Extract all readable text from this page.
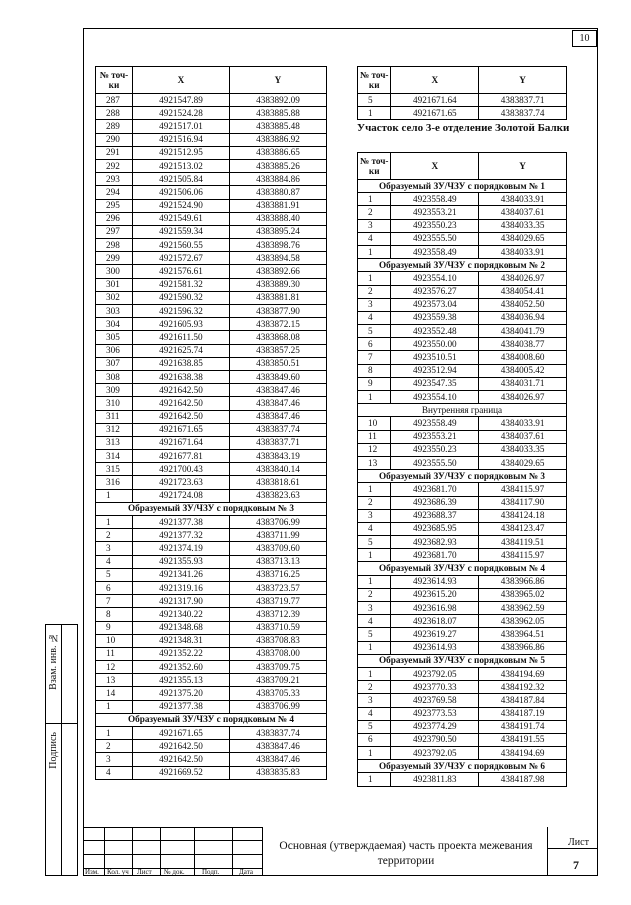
10
№ точ-ки	X	Y
287	4921547.89	4383892.09
288	4921524.28	4383885.88
289	4921517.01	4383885.48
290	4921516.94	4383886.92
291	4921512.95	4383886.65
292	4921513.02	4383885.26
293	4921505.84	4383884.86
294	4921506.06	4383880.87
295	4921524.90	4383881.91
296	4921549.61	4383888.40
297	4921559.34	4383895.24
298	4921560.55	4383898.76
299	4921572.67	4383894.58
300	4921576.61	4383892.66
301	4921581.32	4383889.30
302	4921590.32	4383881.81
303	4921596.32	4383877.90
304	4921605.93	4383872.15
305	4921611.50	4383868.08
306	4921625.74	4383857.25
307	4921638.85	4383850.51
308	4921638.38	4383849.60
309	4921642.50	4383847.46
310	4921642.50	4383847.46
311	4921642.50	4383847.46
312	4921671.65	4383837.74
313	4921671.64	4383837.71
314	4921677.81	4383843.19
315	4921700.43	4383840.14
316	4921723.63	4383818.61
1	4921724.08	4383823.63
Образуемый ЗУ/ЧЗУ с порядковым № 3		
1	4921377.38	4383706.99
2	4921377.32	4383711.99
3	4921374.19	4383709.60
4	4921355.93	4383713.13
5	4921341.26	4383716.25
6	4921319.16	4383723.57
7	4921317.90	4383719.77
8	4921340.22	4383712.39
9	4921348.68	4383710.59
10	4921348.31	4383708.83
11	4921352.22	4383708.00
12	4921352.60	4383709.75
13	4921355.13	4383709.21
14	4921375.20	4383705.33
1	4921377.38	4383706.99
Образуемый ЗУ/ЧЗУ с порядковым № 4		
1	4921671.65	4383837.74
2	4921642.50	4383847.46
3	4921642.50	4383847.46
4	4921669.52	4383835.83
№ точ-ки	X	Y
5	4921671.64	4383837.71
1	4921671.65	4383837.74
Участок село 3-е отделение Золотой Балки
№ точ-ки	X	Y
Образуемый ЗУ/ЧЗУ с порядковым № 1		
1	4923558.49	4384033.91
2	4923553.21	4384037.61
3	4923550.23	4384033.35
4	4923555.50	4384029.65
1	4923558.49	4384033.91
Образуемый ЗУ/ЧЗУ с порядковым № 2		
1	4923554.10	4384026.97
2	4923576.27	4384054.41
3	4923573.04	4384052.50
4	4923559.38	4384036.94
5	4923552.48	4384041.79
6	4923550.00	4384038.77
7	4923510.51	4384008.60
8	4923512.94	4384005.42
9	4923547.35	4384031.71
1	4923554.10	4384026.97
Внутренняя граница		
10	4923558.49	4384033.91
11	4923553.21	4384037.61
12	4923550.23	4384033.35
13	4923555.50	4384029.65
Образуемый ЗУ/ЧЗУ с порядковым № 3		
1	4923681.70	4384115.97
2	4923686.39	4384117.90
3	4923688.37	4384124.18
4	4923685.95	4384123.47
5	4923682.93	4384119.51
1	4923681.70	4384115.97
Образуемый ЗУ/ЧЗУ с порядковым № 4		
1	4923614.93	4383966.86
2	4923615.20	4383965.02
3	4923616.98	4383962.59
4	4923618.07	4383962.05
5	4923619.27	4383964.51
1	4923614.93	4383966.86
Образуемый ЗУ/ЧЗУ с порядковым № 5		
1	4923792.05	4384194.69
2	4923770.33	4384192.32
3	4923769.58	4384187.84
4	4923773.53	4384187.19
5	4923774.29	4384191.74
6	4923790.50	4384191.55
1	4923792.05	4384194.69
Образуемый ЗУ/ЧЗУ с порядковым № 6		
1	4923811.83	4384187.98
Взам. инв. №
Подпись
Изм. Кол. уч Лист № док. Подп.	Дата
Основная (утверждаемая) часть проекта межевания территории
Лист
7
